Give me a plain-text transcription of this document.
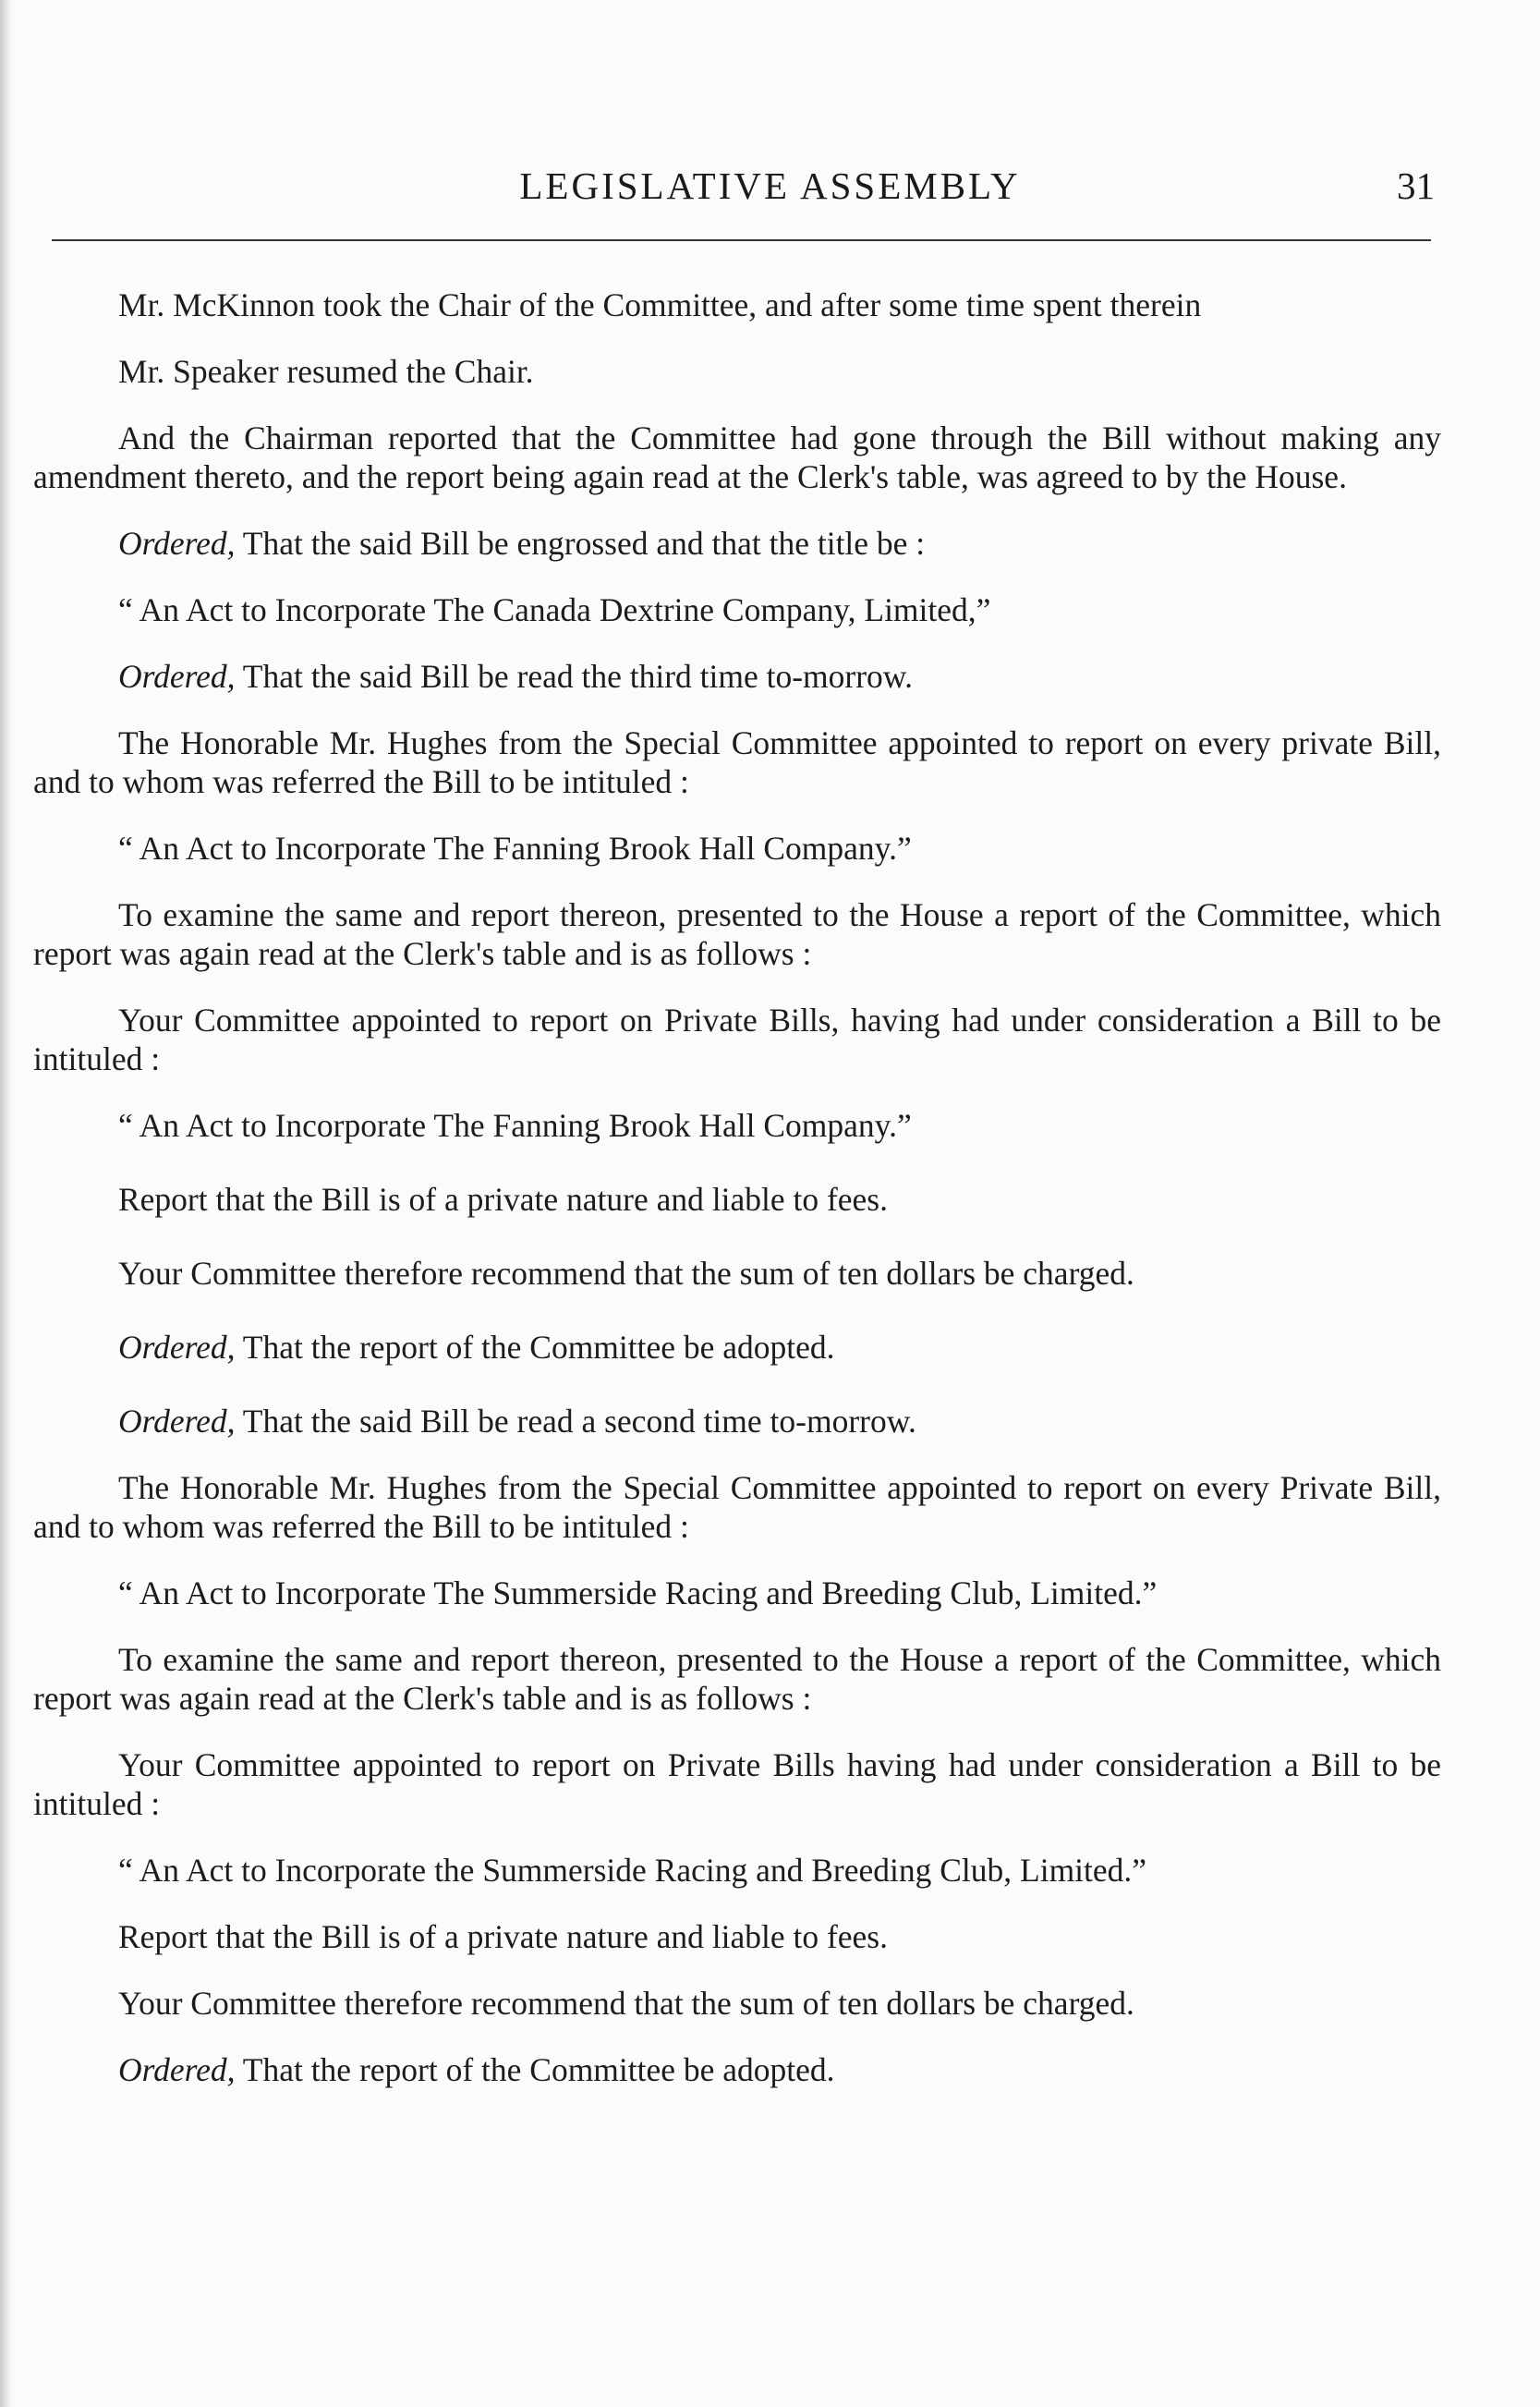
LEGISLATIVE ASSEMBLY	31

Mr. McKinnon took the Chair of the Committee, and after some time spent therein

Mr. Speaker resumed the Chair.

And the Chairman reported that the Committee had gone through the Bill without making any amendment thereto, and the report being again read at the Clerk's table, was agreed to by the House.

Ordered, That the said Bill be engrossed and that the title be :

“ An Act to Incorporate The Canada Dextrine Company, Limited,”

Ordered, That the said Bill be read the third time to-morrow.

The Honorable Mr. Hughes from the Special Committee appointed to report on every private Bill, and to whom was referred the Bill to be intituled :

“ An Act to Incorporate The Fanning Brook Hall Company.”

To examine the same and report thereon, presented to the House a report of the Committee, which report was again read at the Clerk's table and is as follows :

Your Committee appointed to report on Private Bills, having had under consideration a Bill to be intituled :

“ An Act to Incorporate The Fanning Brook Hall Company.”

Report that the Bill is of a private nature and liable to fees.

Your Committee therefore recommend that the sum of ten dollars be charged.

Ordered, That the report of the Committee be adopted.

Ordered, That the said Bill be read a second time to-morrow.

The Honorable Mr. Hughes from the Special Committee appointed to report on every Private Bill, and to whom was referred the Bill to be intituled :

“ An Act to Incorporate The Summerside Racing and Breeding Club, Limited.”

To examine the same and report thereon, presented to the House a report of the Committee, which report was again read at the Clerk's table and is as follows :

Your Committee appointed to report on Private Bills having had under consideration a Bill to be intituled :

“ An Act to Incorporate the Summerside Racing and Breeding Club, Limited.”

Report that the Bill is of a private nature and liable to fees.

Your Committee therefore recommend that the sum of ten dollars be charged.

Ordered, That the report of the Committee be adopted.
